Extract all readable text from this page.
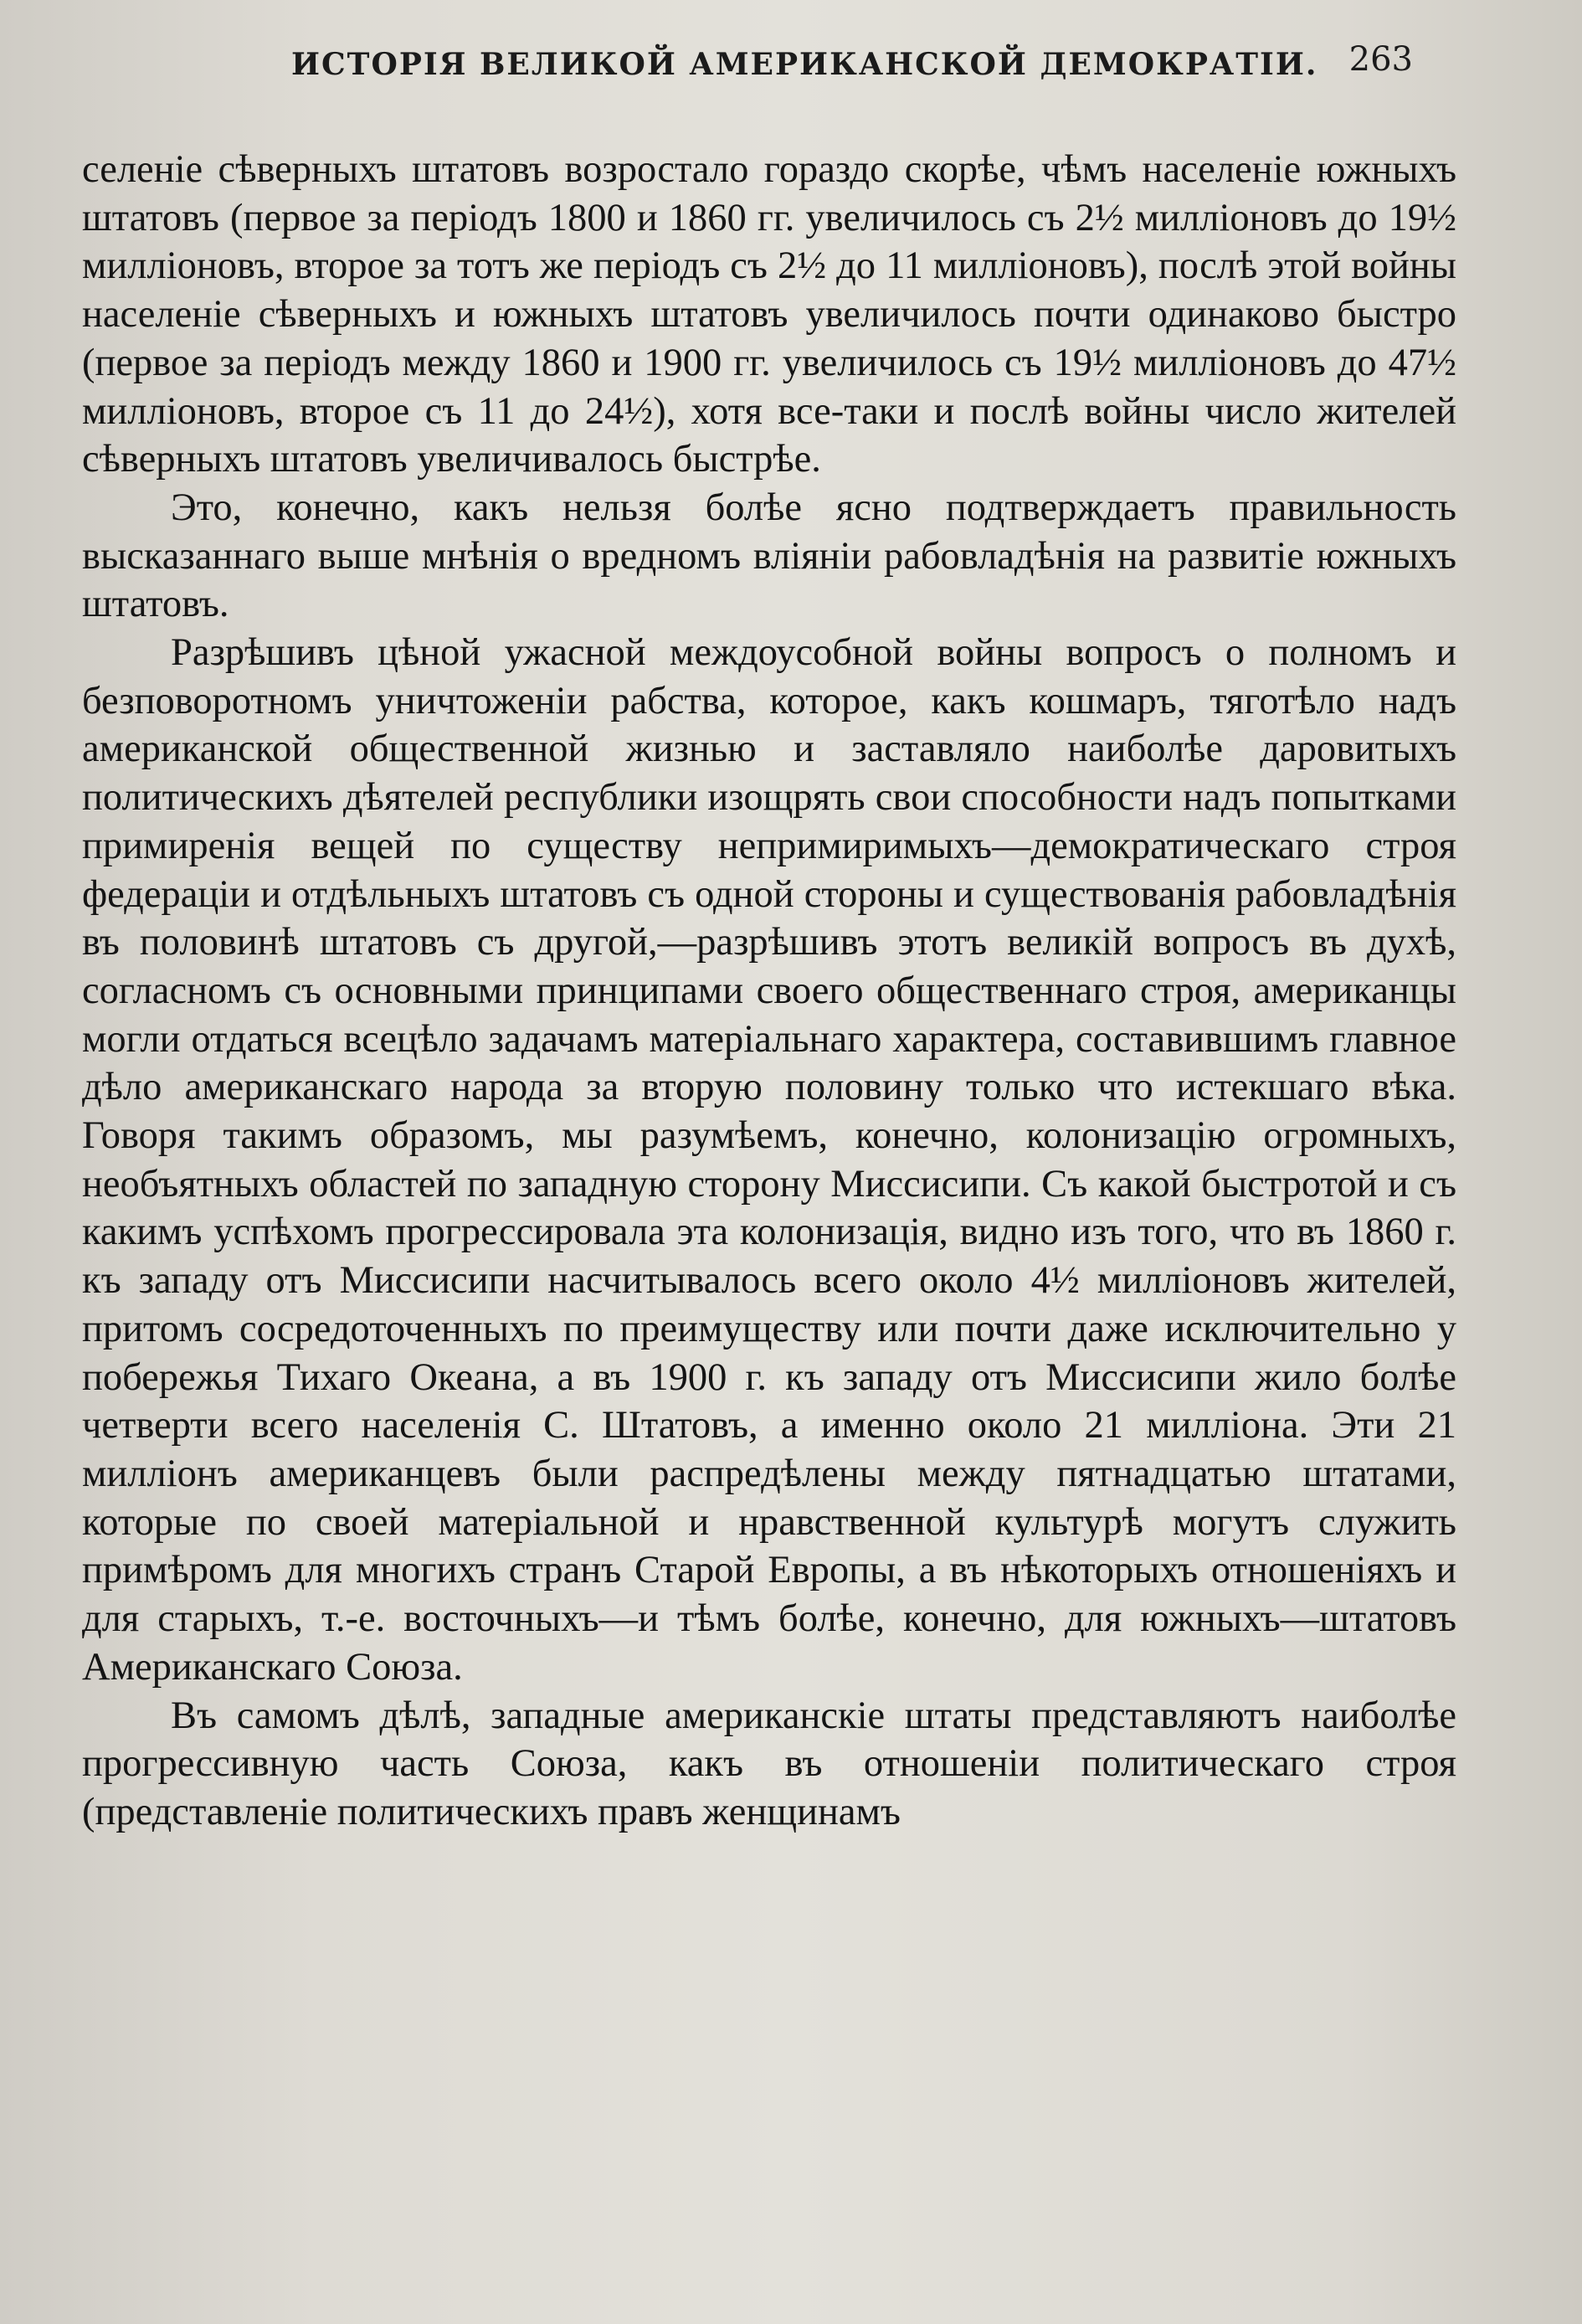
ИСТОРІЯ ВЕЛИКОЙ АМЕРИКАНСКОЙ ДЕМОКРАТІИ. 263

селеніе сѣверныхъ штатовъ возростало гораздо скорѣе, чѣмъ населеніе южныхъ штатовъ (первое за періодъ 1800 и 1860 гг. увеличилось съ 2½ милліоновъ до 19½ милліоновъ, второе за тотъ же періодъ съ 2½ до 11 милліоновъ), послѣ этой войны населеніе сѣверныхъ и южныхъ штатовъ увеличилось почти одинаково быстро (первое за періодъ между 1860 и 1900 гг. увеличилось съ 19½ милліоновъ до 47½ милліоновъ, второе съ 11 до 24½), хотя все-таки и послѣ войны число жителей сѣверныхъ штатовъ увеличивалось быстрѣе.

Это, конечно, какъ нельзя болѣе ясно подтверждаетъ правильность высказаннаго выше мнѣнія о вредномъ вліяніи рабовладѣнія на развитіе южныхъ штатовъ.

Разрѣшивъ цѣной ужасной междоусобной войны вопросъ о полномъ и безповоротномъ уничтоженіи рабства, которое, какъ кошмаръ, тяготѣло надъ американской общественной жизнью и заставляло наиболѣе даровитыхъ политическихъ дѣятелей республики изощрять свои способности надъ попытками примиренія вещей по существу непримиримыхъ—демократическаго строя федераціи и отдѣльныхъ штатовъ съ одной стороны и существованія рабовладѣнія въ половинѣ штатовъ съ другой,—разрѣшивъ этотъ великій вопросъ въ духѣ, согласномъ съ основными принципами своего общественнаго строя, американцы могли отдаться всецѣло задачамъ матеріальнаго характера, составившимъ главное дѣло американскаго народа за вторую половину только что истекшаго вѣка. Говоря такимъ образомъ, мы разумѣемъ, конечно, колонизацію огромныхъ, необъятныхъ областей по западную сторону Миссисипи. Съ какой быстротой и съ какимъ успѣхомъ прогрессировала эта колонизація, видно изъ того, что въ 1860 г. къ западу отъ Миссисипи насчитывалось всего около 4½ милліоновъ жителей, притомъ сосредоточенныхъ по преимуществу или почти даже исключительно у побережья Тихаго Океана, а въ 1900 г. къ западу отъ Миссисипи жило болѣе четверти всего населенія С. Штатовъ, а именно около 21 милліона. Эти 21 милліонъ американцевъ были распредѣлены между пятнадцатью штатами, которые по своей матеріальной и нравственной культурѣ могутъ служить примѣромъ для многихъ странъ Старой Европы, а въ нѣкоторыхъ отношеніяхъ и для старыхъ, т.-е. восточныхъ—и тѣмъ болѣе, конечно, для южныхъ—штатовъ Американскаго Союза.

Въ самомъ дѣлѣ, западные американскіе штаты представляютъ наиболѣе прогрессивную часть Союза, какъ въ отношеніи политическаго строя (представленіе политическихъ правъ женщинамъ
